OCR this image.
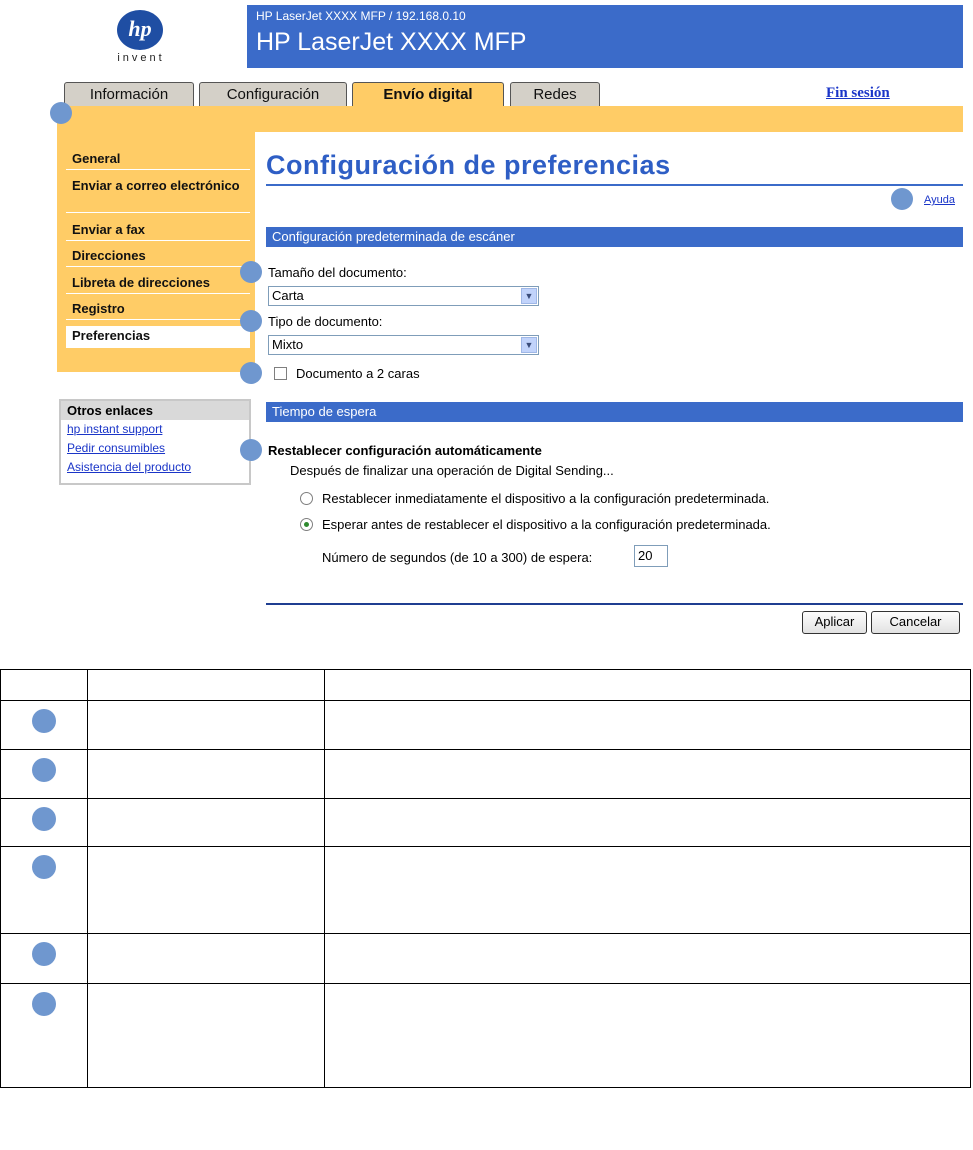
hp
invent
HP LaserJet XXXX MFP / 192.168.0.10
HP LaserJet XXXX MFP
Información	Configuración	Envío digital	Redes	Fin sesión
General
Enviar a correo electrónico
Enviar a fax
Direcciones
Libreta de direcciones
Registro
Preferencias
Otros enlaces
hp instant support
Pedir consumibles
Asistencia del producto
Configuración de preferencias
Ayuda
Configuración predeterminada de escáner
Tamaño del documento:
Carta	▼
Tipo de documento:
Mixto	▼
Documento a 2 caras
Tiempo de espera
Restablecer configuración automáticamente
Después de finalizar una operación de Digital Sending...
Restablecer inmediatamente el dispositivo a la configuración predeterminada.
Esperar antes de restablecer el dispositivo a la configuración predeterminada.
Número de segundos (de 10 a 300) de espera:	20
Aplicar	Cancelar
